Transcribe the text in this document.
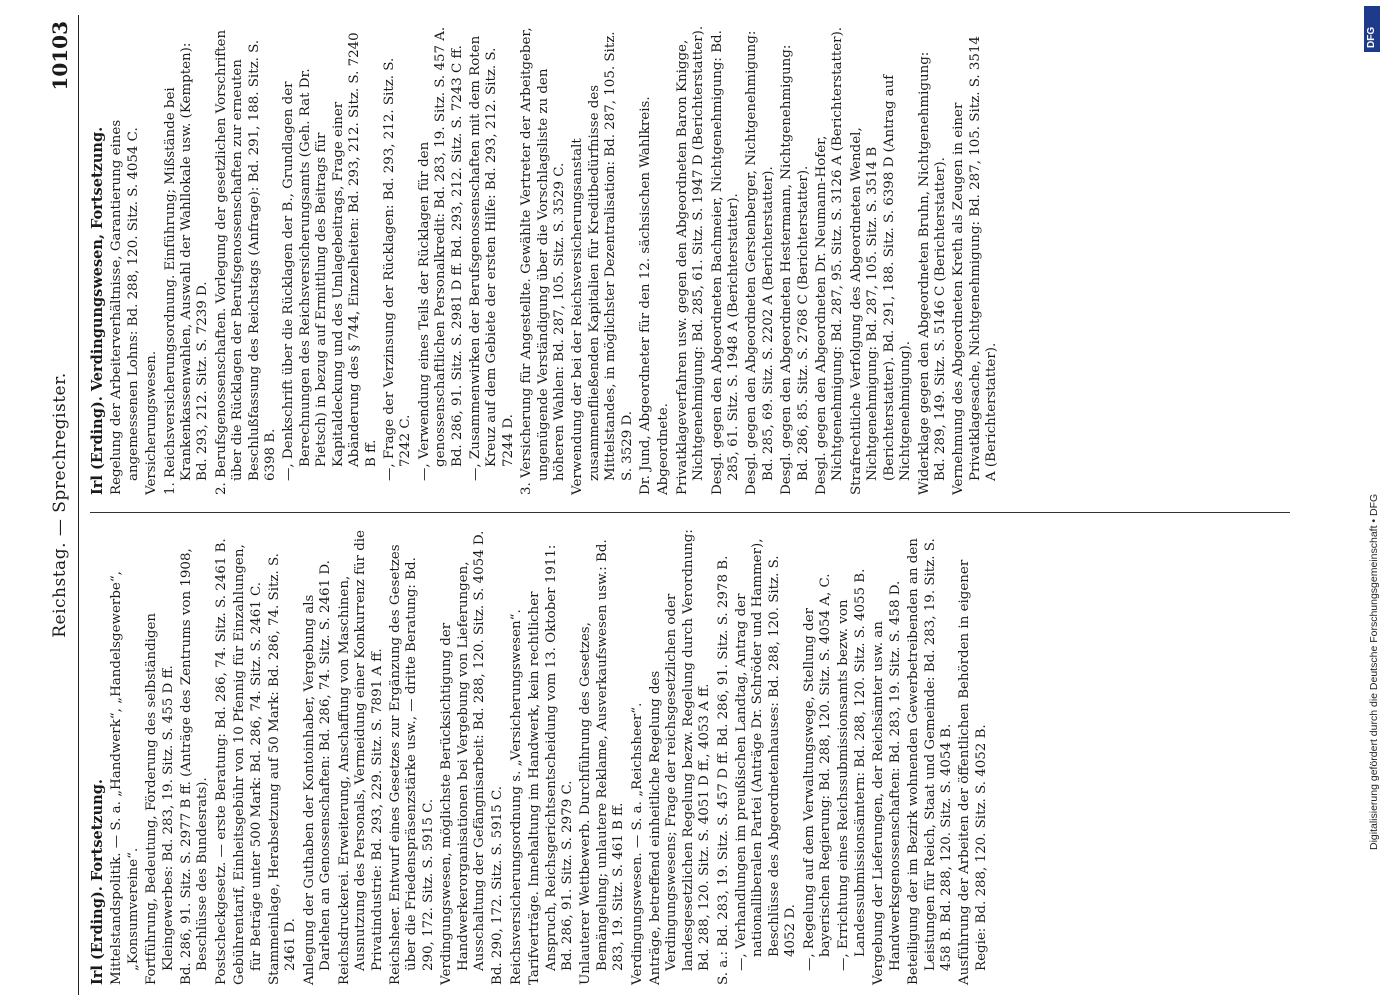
Reichstag. — Sprechregister.
10103
Irl (Erding). Fortsetzung. Mittelstandspolitik. — S. a. „Handwerk“, „Handelsgewerbe“, „Konsumvereine“. Fortführung, Bedeutung, Förderung des selbständigen Kleingewerbes: Bd. 283, 19. Sitz. S. 455 D ff. Bd. 286, 91. Sitz. S. 2977 B ff. (Anträge des Zentrums von 1908, Beschlüsse des Bundesrats). Postscheckgesetz. — erste Beratung: Bd. 286, 74. Sitz. S. 2461 B. Gebührentarif, Einheitsgebühr von 10 Pfennig für Einzahlungen, für Beträge unter 500 Mark: Bd. 286, 74. Sitz. S. 2461 C. Stammeinlage, Herabsetzung auf 50 Mark: Bd. 286, 74. Sitz. S. 2461 D. Anlegung der Guthaben der Kontoinhaber, Vergebung als Darlehen an Genossenschaften: Bd. 286, 74. Sitz. S. 2461 D. Reichsdruckerei. Erweiterung, Anschaffung von Maschinen, Ausnutzung des Personals, Vermeidung einer Konkurrenz für die Privatindustrie: Bd. 293, 229. Sitz. S. 7891 A ff. Reichsheer. Entwurf eines Gesetzes zur Ergänzung des Gesetzes über die Friedenspräsenzstärke usw., — dritte Beratung: Bd. 290, 172. Sitz. S. 5915 C. Verdingungswesen, möglichste Berücksichtigung der Handwerkerorganisationen bei Vergebung von Lieferungen, Ausschaltung der Gefängnisarbeit: Bd. 288, 120. Sitz. S. 4054 D. Bd. 290, 172. Sitz. S. 5915 C. Reichsversicherungsordnung s. „Versicherungswesen“. Tarifverträge. Innehaltung im Handwerk, kein rechtlicher Anspruch, Reichsgerichtsentscheidung vom 13. Oktober 1911: Bd. 286, 91. Sitz. S. 2979 C. Unlauterer Wettbewerb. Durchführung des Gesetzes, Bemängelung; unlautere Reklame, Ausverkaufswesen usw.: Bd. 283, 19. Sitz. S. 461 B ff. Verdingungswesen. — S. a. „Reichsheer“. Anträge, betreffend einheitliche Regelung des Verdingungswesens; Frage der reichsgesetzlichen oder landesgesetzlichen Regelung bezw. Regelung durch Verordnung: Bd. 288, 120. Sitz. S. 4051 D ff., 4053 A ff. S. a.: Bd. 283, 19. Sitz. S. 457 D ff. Bd. 286, 91. Sitz. S. 2978 B. —, Verhandlungen im preußischen Landtag, Antrag der nationalliberalen Partei (Anträge Dr. Schröder und Hammer), Beschlüsse des Abgeordnetenhauses: Bd. 288, 120. Sitz. S. 4052 D. —, Regelung auf dem Verwaltungswege, Stellung der bayerischen Regierung: Bd. 288, 120. Sitz. S. 4054 A, C. —, Errichtung eines Reichssubmissionsamts bezw. von Landessubmissionsämtern: Bd. 288, 120. Sitz. S. 4055 B. Vergebung der Lieferungen, der Reichsämter usw. an Handwerksgenossenschaften: Bd. 283, 19. Sitz. S. 458 D. Beteiligung der im Bezirk wohnenden Gewerbetreibenden an den Leistungen für Reich, Staat und Gemeinde: Bd. 283, 19. Sitz. S. 458 B. Bd. 288, 120. Sitz. S. 4054 B. Ausführung der Arbeiten der öffentlichen Behörden in eigener Regie: Bd. 288, 120. Sitz. S. 4052 B.
Irl (Erding). Verdingungswesen, Fortsetzung. Regelung der Arbeiterverhältnisse, Garantierung eines angemessenen Lohns: Bd. 288, 120. Sitz. S. 4054 C. Versicherungswesen. 1. Reichsversicherungsordnung. Einführung; Mißstände bei Krankenkassenwahlen, Auswahl der Wahllokale usw. (Kempten): Bd. 293, 212. Sitz. S. 7239 D. 2. Berufsgenossenschaften. Vorlegung der gesetzlichen Vorschriften über die Rücklagen der Berufsgenossenschaften zur erneuten Beschlußfassung des Reichstags (Anfrage): Bd. 291, 188. Sitz. S. 6398 B. —, Denkschrift über die Rücklagen der B., Grundlagen der Berechnungen des Reichsversicherungsamts (Geh. Rat Dr. Pietsch) in bezug auf Ermittlung des Beitrags für Kapitaldeckung und des Umlagebeitrags, Frage einer Abänderung des § 744, Einzelheiten: Bd. 293, 212. Sitz. S. 7240 B ff. —, Frage der Verzinsung der Rücklagen: Bd. 293, 212. Sitz. S. 7242 C. —, Verwendung eines Teils der Rücklagen für den genossenschaftlichen Personalkredit: Bd. 283, 19. Sitz. S. 457 A. Bd. 286, 91. Sitz. S. 2981 D ff. Bd. 293, 212. Sitz. S. 7243 C ff. —, Zusammenwirken der Berufsgenossenschaften mit dem Roten Kreuz auf dem Gebiete der ersten Hilfe: Bd. 293, 212. Sitz. S. 7244 D. 3. Versicherung für Angestellte. Gewählte Vertreter der Arbeitgeber, ungenügende Verständigung über die Vorschlagsliste zu den höheren Wahlen: Bd. 287, 105. Sitz. S. 3529 C. Verwendung der bei der Reichsversicherungsanstalt zusammenfließenden Kapitalien für Kreditbedürfnisse des Mittelstandes, in möglichster Dezentralisation: Bd. 287, 105. Sitz. S. 3529 D. Dr. Jund, Abgeordneter für den 12. sächsischen Wahlkreis. Abgeordnete. Privatklageverfahren usw. gegen den Abgeordneten Baron Knigge, Nichtgenehmigung: Bd. 285, 61. Sitz. S. 1947 D (Berichterstatter). Desgl. gegen den Abgeordneten Bachmeier, Nichtgenehmigung: Bd. 285, 61. Sitz. S. 1948 A (Berichterstatter). Desgl. gegen den Abgeordneten Gerstenberger, Nichtgenehmigung: Bd. 285, 69. Sitz. S. 2202 A (Berichterstatter). Desgl. gegen den Abgeordneten Hestermann, Nichtgenehmigung: Bd. 286, 85. Sitz. S. 2768 C (Berichterstatter). Desgl. gegen den Abgeordneten Dr. Neumann-Hofer, Nichtgenehmigung: Bd. 287, 95. Sitz. S. 3126 A (Berichterstatter). Strafrechtliche Verfolgung des Abgeordneten Wendel, Nichtgenehmigung: Bd. 287, 105. Sitz. S. 3514 B (Berichterstatter). Bd. 291, 188. Sitz. S. 6398 D (Antrag auf Nichtgenehmigung). Widerklage gegen den Abgeordneten Bruhn, Nichtgenehmigung: Bd. 289, 149. Sitz. S. 5146 C (Berichterstatter). Vernehmung des Abgeordneten Kreth als Zeugen in einer Privatklagesache, Nichtgenehmigung: Bd. 287, 105. Sitz. S. 3514 A (Berichterstatter).
DFG
Digitalisierung gefördert durch die Deutsche Forschungsgemeinschaft • DFG
